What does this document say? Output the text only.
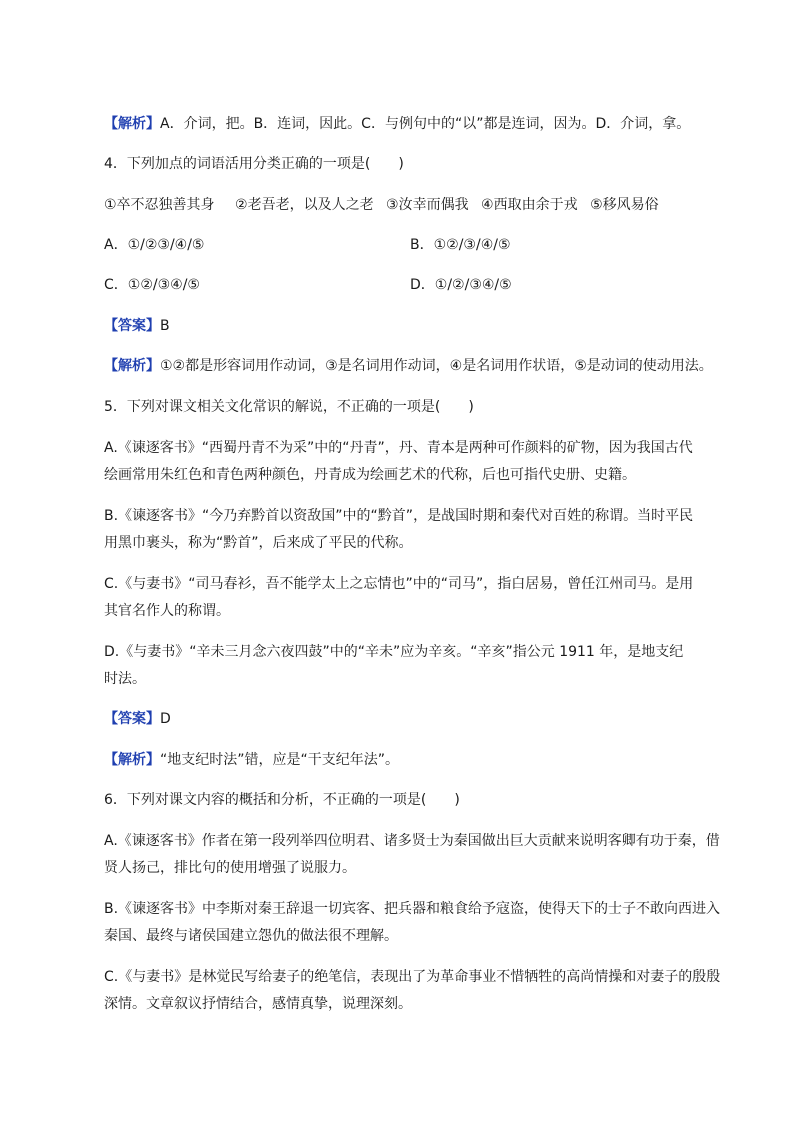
【解析】A．介词，把。B．连词，因此。C．与例句中的“以”都是连词，因为。D．介词，拿。
4．下列加点的词语活用分类正确的一项是(　　)
①卒不忍独善其身 ②老吾老，以及人之老 ③汝幸而偶我 ④西取由余于戎 ⑤移风易俗
A．①/②③/④/⑤	B．①②/③/④/⑤
C．①②/③④/⑤	D．①/②/③④/⑤
【答案】B
【解析】①②都是形容词用作动词，③是名词用作动词，④是名词用作状语，⑤是动词的使动用法。
5．下列对课文相关文化常识的解说，不正确的一项是(　　)
A.《谏逐客书》“西蜀丹青不为采”中的“丹青”，丹、青本是两种可作颜料的矿物，因为我国古代
绘画常用朱红色和青色两种颜色，丹青成为绘画艺术的代称，后也可指代史册、史籍。
B.《谏逐客书》“今乃弃黔首以资敌国”中的“黔首”，是战国时期和秦代对百姓的称谓。当时平民
用黑巾裹头，称为“黔首”，后来成了平民的代称。
C.《与妻书》“司马春衫，吾不能学太上之忘情也”中的“司马”，指白居易，曾任江州司马。是用
其官名作人的称谓。
D.《与妻书》“辛未三月念六夜四鼓”中的“辛未”应为辛亥。“辛亥”指公元 1911 年，是地支纪
时法。
【答案】D
【解析】“地支纪时法”错，应是“干支纪年法”。
6．下列对课文内容的概括和分析，不正确的一项是(　　)
A.《谏逐客书》作者在第一段列举四位明君、诸多贤士为秦国做出巨大贡献来说明客卿有功于秦，借
贤人扬己，排比句的使用增强了说服力。
B.《谏逐客书》中李斯对秦王辞退一切宾客、把兵器和粮食给予寇盗，使得天下的士子不敢向西进入
秦国、最终与诸侯国建立怨仇的做法很不理解。
C.《与妻书》是林觉民写给妻子的绝笔信，表现出了为革命事业不惜牺牲的高尚情操和对妻子的殷殷
深情。文章叙议抒情结合，感情真挚，说理深刻。
